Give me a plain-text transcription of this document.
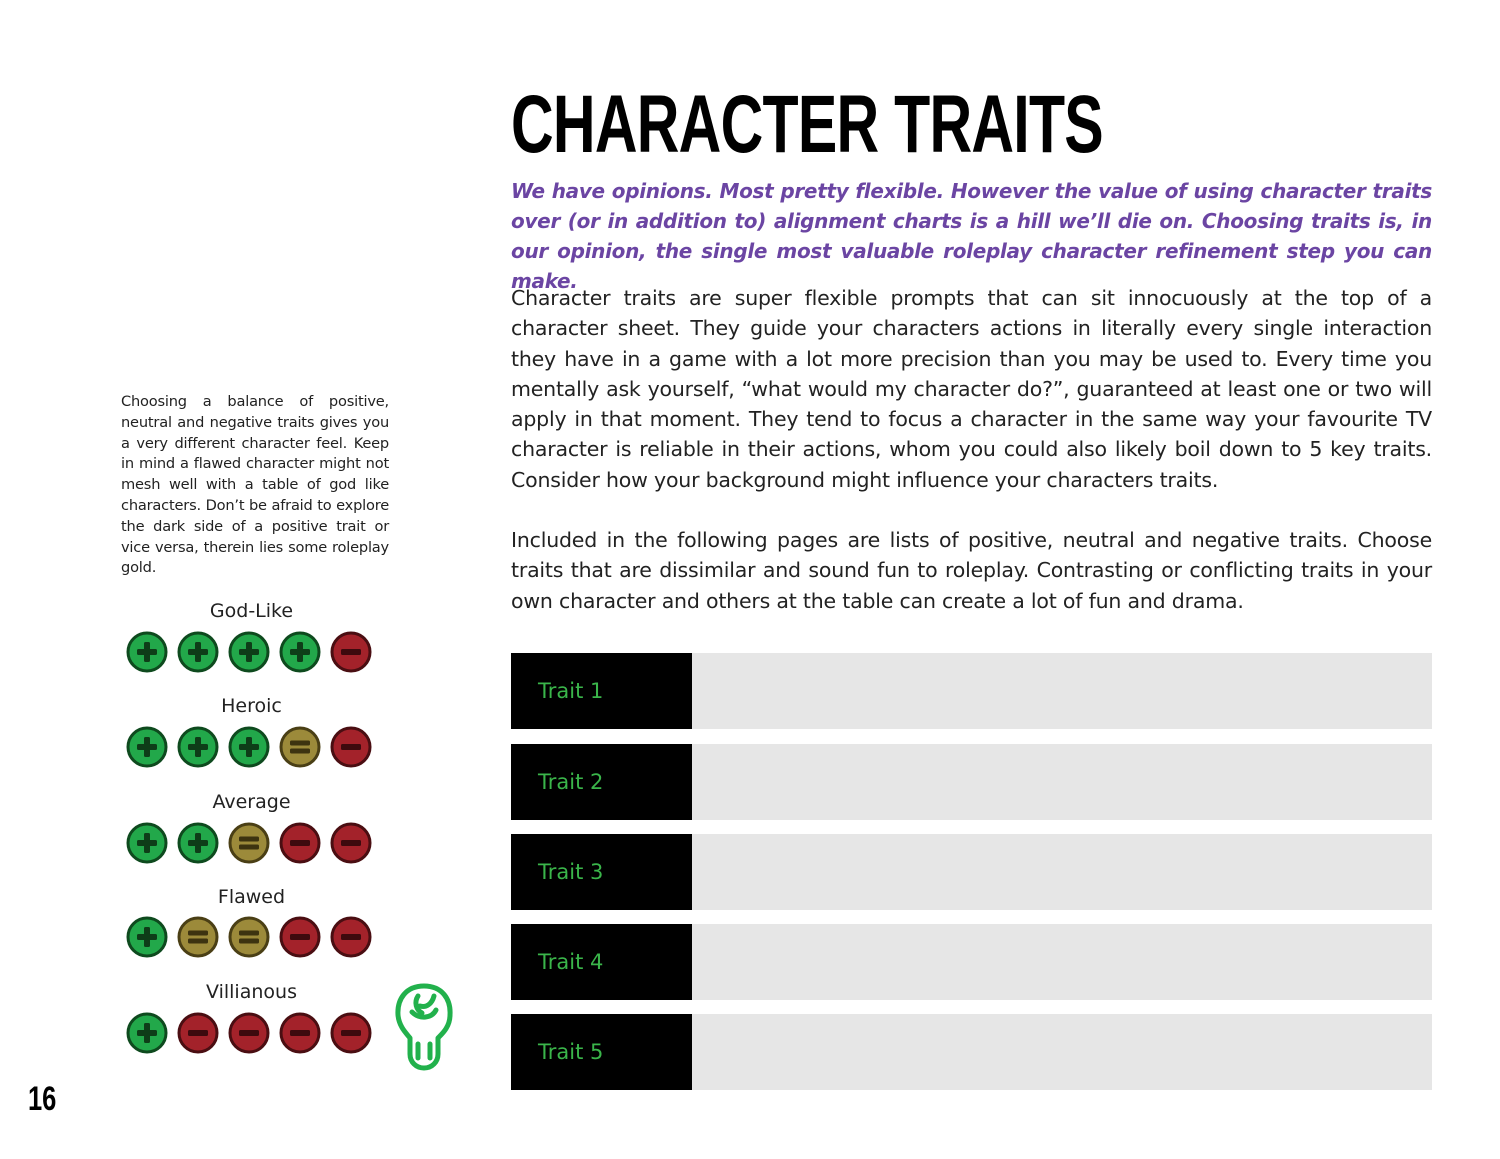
CHARACTER TRAITS
We have opinions. Most pretty flexible. However the value of using character traits over (or in addition to) alignment charts is a hill we’ll die on. Choosing traits is, in our opinion, the single most valuable roleplay character refinement step you can make.
Character traits are super flexible prompts that can sit innocuously at the top of a character sheet. They guide your characters actions in literally every single interaction they have in a game with a lot more precision than you may be used to. Every time you mentally ask yourself, “what would my character do?”, guaranteed at least one or two will apply in that moment. They tend to focus a character in the same way your favourite TV character is reliable in their actions, whom you could also likely boil down to 5 key traits. Consider how your background might influence your characters traits.
Included in the following pages are lists of positive, neutral and negative traits. Choose traits that are dissimilar and sound fun to roleplay. Contrasting or conflicting traits in your own character and others at the table can create a lot of fun and drama.
Choosing a balance of positive, neutral and negative traits gives you a very different character feel. Keep in mind a flawed character might not mesh well with a table of god like characters. Don’t be afraid to explore the dark side of a positive trait or vice versa, therein lies some roleplay gold.
God-Like
Heroic
Average
Flawed
Villianous
Trait 1
Trait 2
Trait 3
Trait 4
Trait 5
16
